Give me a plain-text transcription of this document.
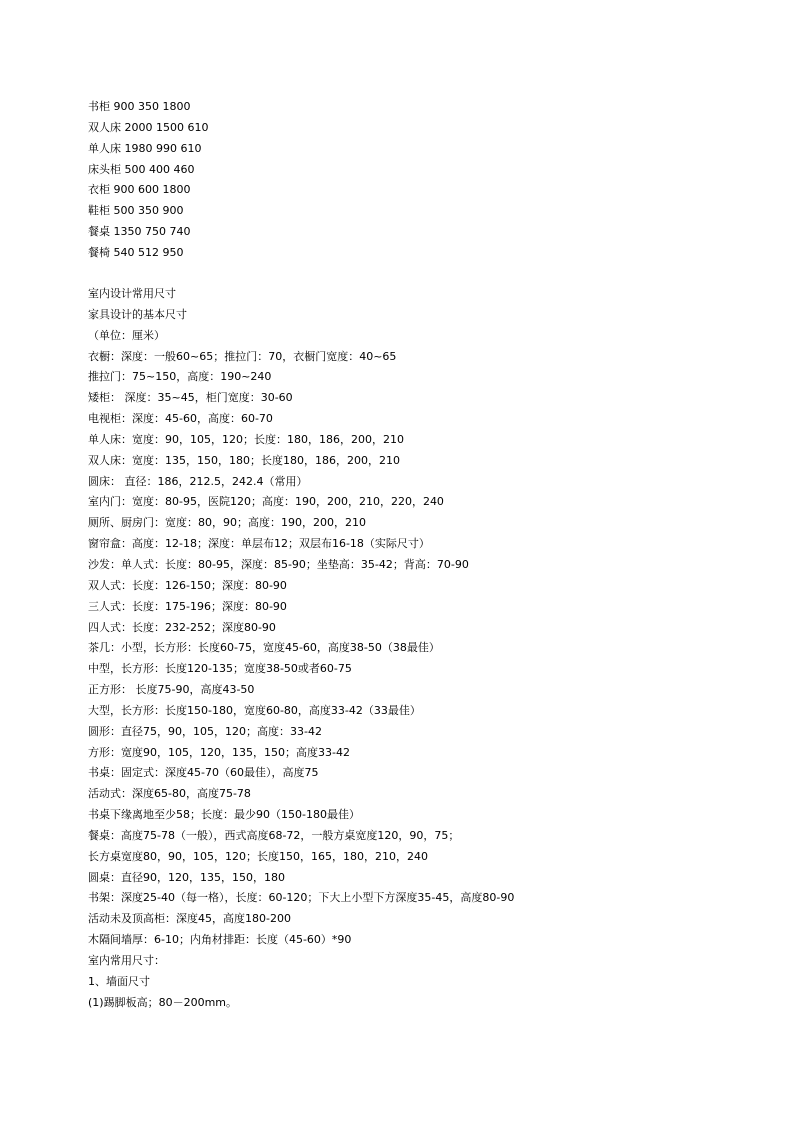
书柜 900 350 1800
双人床 2000 1500 610
单人床 1980 990 610
床头柜 500 400 460
衣柜 900 600 1800
鞋柜 500 350 900
餐桌 1350 750 740
餐椅 540 512 950
室内设计常用尺寸
家具设计的基本尺寸
（单位：厘米）
衣橱：深度：一般60~65；推拉门：70，衣橱门宽度：40~65
推拉门：75~150，高度：190~240
矮柜： 深度：35~45，柜门宽度：30-60
电视柜：深度：45-60，高度：60-70
单人床：宽度：90，105，120；长度：180，186，200，210
双人床：宽度：135，150，180；长度180，186，200，210
圆床： 直径：186，212.5，242.4（常用）
室内门：宽度：80-95，医院120；高度：190，200，210，220，240
厕所、厨房门：宽度：80，90；高度：190，200，210
窗帘盒：高度：12-18；深度：单层布12；双层布16-18（实际尺寸）
沙发：单人式：长度：80-95，深度：85-90；坐垫高：35-42；背高：70-90
双人式：长度：126-150；深度：80-90
三人式：长度：175-196；深度：80-90
四人式：长度：232-252；深度80-90
茶几：小型，长方形：长度60-75，宽度45-60，高度38-50（38最佳）
中型，长方形：长度120-135；宽度38-50或者60-75
正方形： 长度75-90，高度43-50
大型，长方形：长度150-180，宽度60-80，高度33-42（33最佳）
圆形：直径75，90，105，120；高度：33-42
方形：宽度90，105，120，135，150；高度33-42
书桌：固定式：深度45-70（60最佳），高度75
活动式：深度65-80，高度75-78
书桌下缘离地至少58；长度：最少90（150-180最佳）
餐桌：高度75-78（一般），西式高度68-72，一般方桌宽度120，90，75；
长方桌宽度80，90，105，120；长度150，165，180，210，240
圆桌：直径90，120，135，150，180
书架：深度25-40（每一格），长度：60-120；下大上小型下方深度35-45，高度80-90
活动未及顶高柜：深度45，高度180-200
木隔间墙厚：6-10；内角材排距：长度（45-60）*90
室内常用尺寸：
1、墙面尺寸
(1)踢脚板高；80－200mm。
